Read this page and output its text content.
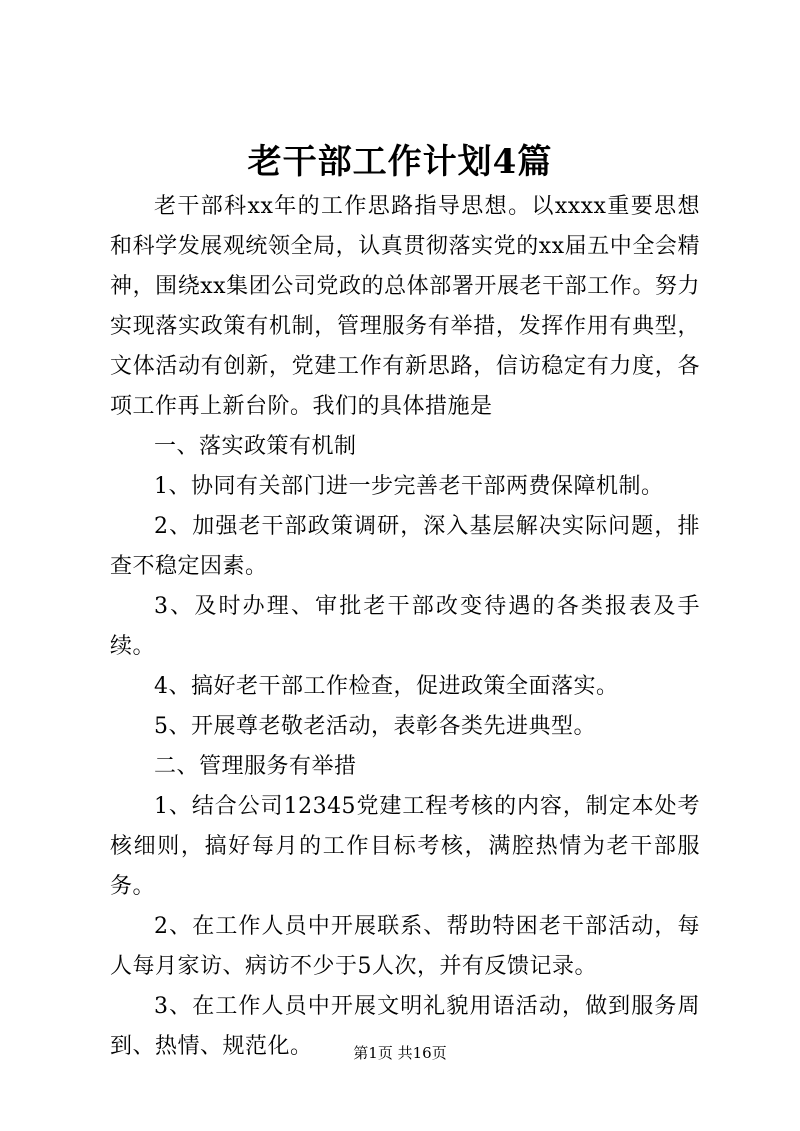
老干部工作计划4篇

老干部科xx年的工作思路指导思想。以xxxx重要思想和科学发展观统领全局，认真贯彻落实党的xx届五中全会精神，围绕xx集团公司党政的总体部署开展老干部工作。努力实现落实政策有机制，管理服务有举措，发挥作用有典型，文体活动有创新，党建工作有新思路，信访稳定有力度，各项工作再上新台阶。我们的具体措施是

一、落实政策有机制

1、协同有关部门进一步完善老干部两费保障机制。

2、加强老干部政策调研，深入基层解决实际问题，排查不稳定因素。

3、及时办理、审批老干部改变待遇的各类报表及手续。

4、搞好老干部工作检查，促进政策全面落实。

5、开展尊老敬老活动，表彰各类先进典型。

二、管理服务有举措

1、结合公司12345党建工程考核的内容，制定本处考核细则，搞好每月的工作目标考核，满腔热情为老干部服务。

2、在工作人员中开展联系、帮助特困老干部活动，每人每月家访、病访不少于5人次，并有反馈记录。

3、在工作人员中开展文明礼貌用语活动，做到服务周到、热情、规范化。	第1页 共16页
